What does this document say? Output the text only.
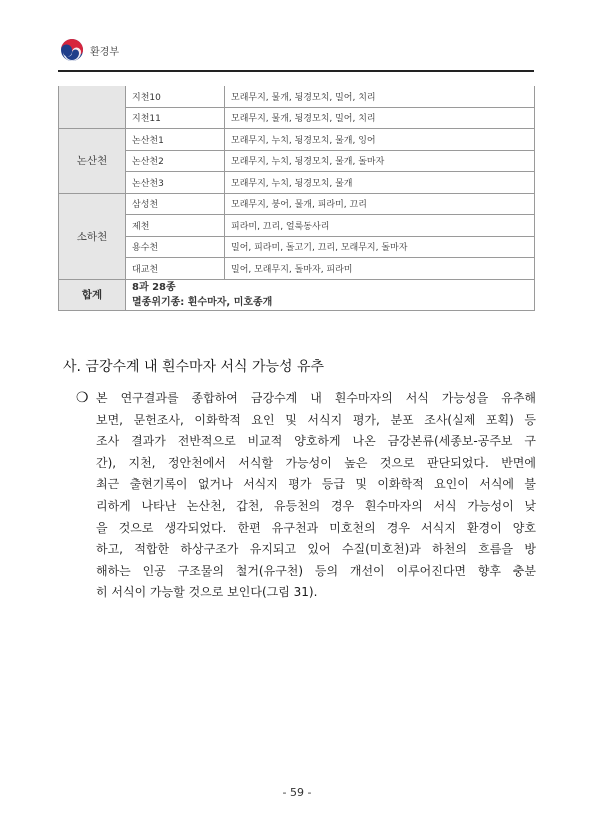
환경부
	지천10	모래무지, 물개, 됭경모치, 밀어, 치리
	지천11	모래무지, 물개, 됭경모치, 밀어, 치리
논산천	논산천1	모래무지, 누치, 됭경모치, 물개, 잉어
	논산천2	모래무지, 누치, 됭경모치, 물개, 돌마자
	논산천3	모래무지, 누치, 됭경모치, 물개
소하천	삼성천	모래무지, 붕어, 물개, 피라미, 끄리
	제천	피라미, 끄리, 얼룩동사리
	용수천	밀어, 피라미, 돌고기, 끄리, 모래무지, 돌마자
	대교천	밀어, 모래무지, 돌마자, 피라미
합계	8과 28종
멸종위기종: 흰수마자, 미호종개	
사. 금강수계 내 흰수마자 서식 가능성 유추
❍ 본 연구결과를 종합하여 금강수계 내 흰수마자의 서식 가능성을 유추해
보면, 문헌조사, 이화학적 요인 및 서식지 평가, 분포 조사(실제 포획) 등
조사 결과가 전반적으로 비교적 양호하게 나온 금강본류(세종보-공주보 구
간), 지천, 정안천에서 서식할 가능성이 높은 것으로 판단되었다. 반면에
최근 출현기록이 없거나 서식지 평가 등급 및 이화학적 요인이 서식에 불
리하게 나타난 논산천, 갑천, 유등천의 경우 흰수마자의 서식 가능성이 낮
을 것으로 생각되었다. 한편 유구천과 미호천의 경우 서식지 환경이 양호
하고, 적합한 하상구조가 유지되고 있어 수질(미호천)과 하천의 흐름을 방
해하는 인공 구조물의 철거(유구천) 등의 개선이 이루어진다면 향후 충분
히 서식이 가능할 것으로 보인다(그림 31).
- 59 -
